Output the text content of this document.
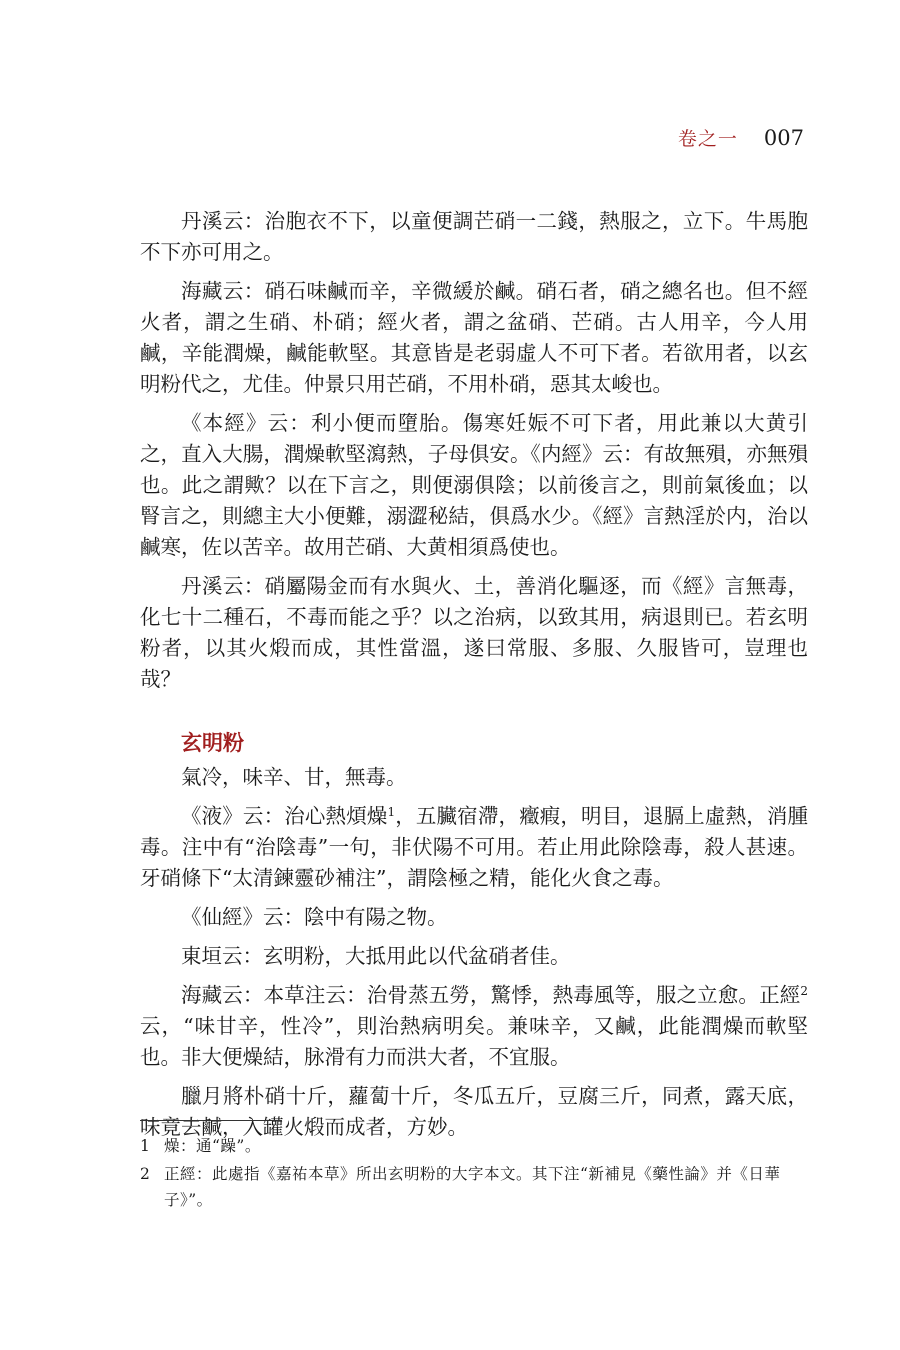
卷之一 007

丹溪云：治胞衣不下，以童便調芒硝一二錢，熱服之，立下。牛馬胞不下亦可用之。

海藏云：硝石味鹹而辛，辛微緩於鹹。硝石者，硝之總名也。但不經火者，謂之生硝、朴硝；經火者，謂之盆硝、芒硝。古人用辛，今人用鹹，辛能潤燥，鹹能軟堅。其意皆是老弱虛人不可下者。若欲用者，以玄明粉代之，尤佳。仲景只用芒硝，不用朴硝，惡其太峻也。

《本經》云：利小便而墮胎。傷寒妊娠不可下者，用此兼以大黄引之，直入大腸，潤燥軟堅瀉熱，子母俱安。《内經》云：有故無殞，亦無殞也。此之謂歟？以在下言之，則便溺俱陰；以前後言之，則前氣後血；以腎言之，則總主大小便難，溺澀秘結，俱爲水少。《經》言熱淫於内，治以鹹寒，佐以苦辛。故用芒硝、大黄相須爲使也。

丹溪云：硝屬陽金而有水與火、土，善消化驅逐，而《經》言無毒，化七十二種石，不毒而能之乎？以之治病，以致其用，病退則已。若玄明粉者，以其火煅而成，其性當溫，遂曰常服、多服、久服皆可，豈理也哉？

玄明粉

氣冷，味辛、甘，無毒。

《液》云：治心熱煩燥$^1$，五臟宿滯，癥瘕，明目，退膈上虛熱，消腫毒。注中有“治陰毒”一句，非伏陽不可用。若止用此除陰毒，殺人甚速。牙硝條下“太清鍊靈砂補注”，謂陰極之精，能化火食之毒。

《仙經》云：陰中有陽之物。

東垣云：玄明粉，大抵用此以代盆硝者佳。

海藏云：本草注云：治骨蒸五勞，驚悸，熱毒風等，服之立愈。正經$^2$云，“味甘辛，性冷”，則治熱病明矣。兼味辛，又鹹，此能潤燥而軟堅也。非大便燥結，脉滑有力而洪大者，不宜服。

臘月將朴硝十斤，蘿蔔十斤，冬瓜五斤，豆腐三斤，同煮，露天底，味竟去鹹，入罐火煅而成者，方妙。

1 燥：通“躁”。
2 正經：此處指《嘉祐本草》所出玄明粉的大字本文。其下注“新補見《藥性論》并《日華子》”。
